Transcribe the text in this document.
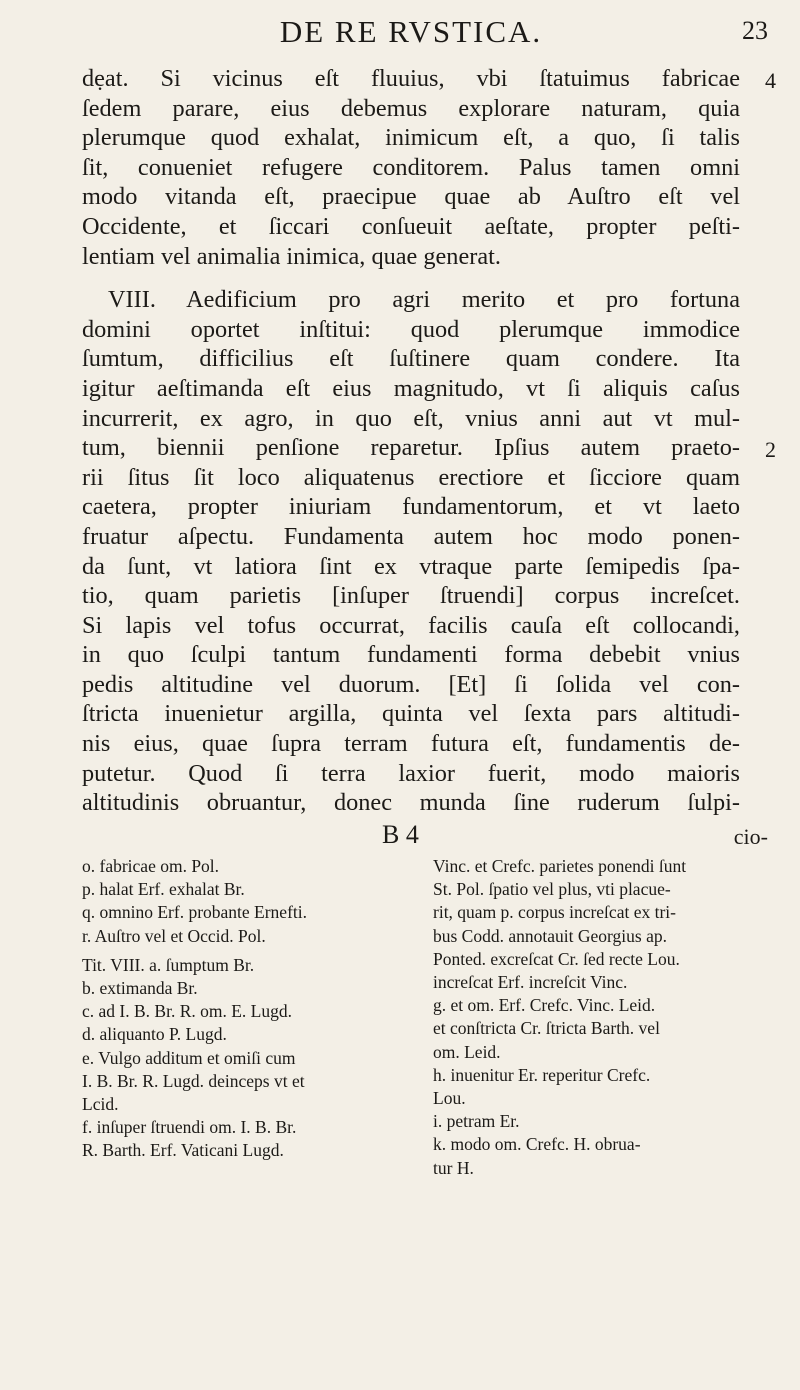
DE RE RVSTICA.	23
dẹat. Si vicinus eſt fluuius, vbi ſtatuimus fabricae 4
ſedem parare, eius debemus explorare naturam, quia
plerumque quod exhalat, inimicum eſt, a quo, ſi talis
ſit, conueniet refugere conditorem. Palus tamen omni
modo vitanda eſt, praecipue quae ab Auſtro eſt vel
Occidente, et ſiccari conſueuit aeſtate, propter peſti-
lentiam vel animalia inimica, quae generat.
VIII. Aedificium pro agri merito et pro fortuna
domini oportet inſtitui: quod plerumque immodice
ſumtum, difficilius eſt ſuſtinere quam condere. Ita
igitur aeſtimanda eſt eius magnitudo, vt ſi aliquis caſus
incurrerit, ex agro, in quo eſt, vnius anni aut vt mul-
tum, biennii penſione reparetur. Ipſius autem praeto- 2
rii ſitus ſit loco aliquatenus erectiore et ſicciore quam
caetera, propter iniuriam fundamentorum, et vt laeto
fruatur aſpectu. Fundamenta autem hoc modo ponen-
da ſunt, vt latiora ſint ex vtraque parte ſemipedis ſpa-
tio, quam parietis [inſuper ſtruendi] corpus increſcet.
Si lapis vel tofus occurrat, facilis cauſa eſt collocandi,
in quo ſculpi tantum fundamenti forma debebit vnius
pedis altitudine vel duorum. [Et] ſi ſolida vel con-
ſtricta inuenietur argilla, quinta vel ſexta pars altitudi-
nis eius, quae ſupra terram futura eſt, fundamentis de-
putetur. Quod ſi terra laxior fuerit, modo maioris
altitudinis obruantur, donec munda ſine ruderum ſulpi-
B 4	cio-
o. fabricae om. Pol.
p. halat Erf. exhalat Br.
q. omnino Erf. probante Ernefti.
r. Auſtro vel et Occid. Pol.
Tit. VIII. a. ſumptum Br.
b. extimanda Br.
c. ad I. B. Br. R. om. E. Lugd.
d. aliquanto P. Lugd.
e. Vulgo additum et omiſi cum
I. B. Br. R. Lugd. deinceps vt et
Lcid.
f. inſuper ſtruendi om. I. B. Br.
R. Barth. Erf. Vaticani Lugd.
Vinc. et Crefc. parietes ponendi ſunt
St. Pol. ſpatio vel plus, vti placue-
rit, quam p. corpus increſcat ex tri-
bus Codd. annotauit Georgius ap.
Ponted. excreſcat Cr. ſed recte Lou.
increſcat Erf. increſcit Vinc.
g. et om. Erf. Crefc. Vinc. Leid.
et conſtricta Cr. ſtricta Barth. vel
om. Leid.
h. inuenitur Er. reperitur Crefc.
Lou.
i. petram Er.
k. modo om. Crefc. H. obrua-
tur H.
